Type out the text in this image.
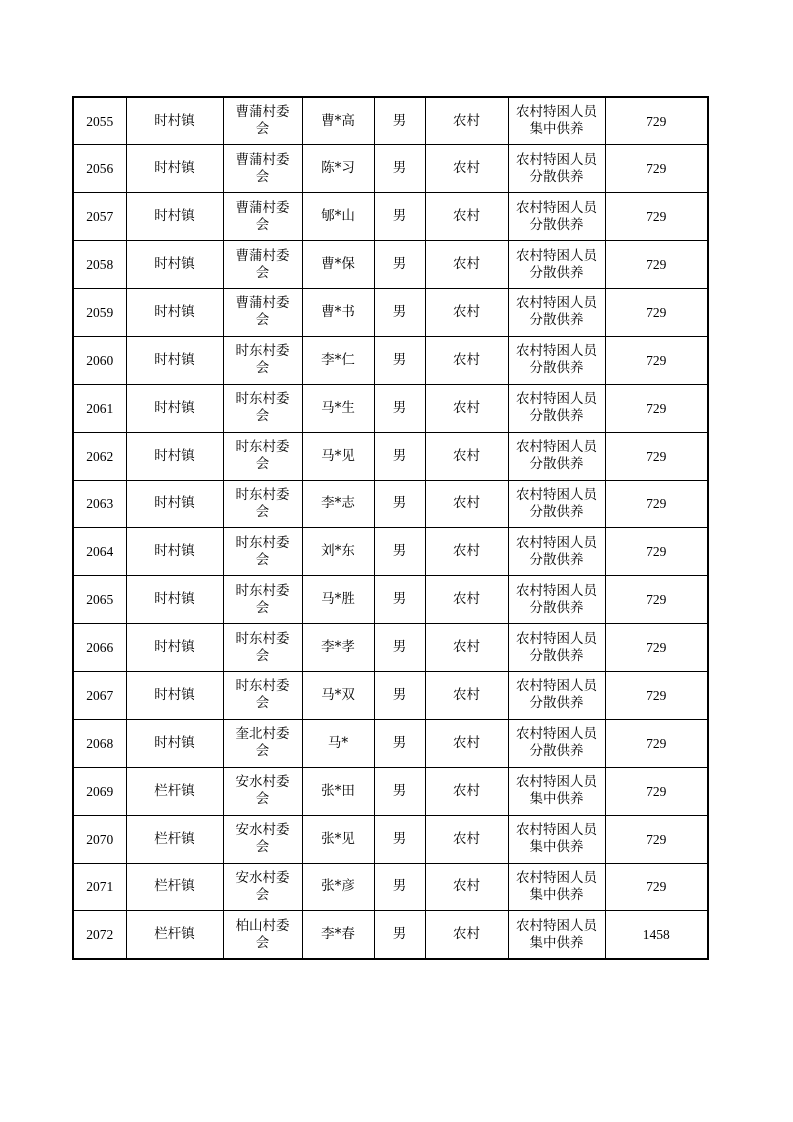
2055	时村镇	曹蒲村委会	曹*高	男	农村	农村特困人员集中供养	729
2056	时村镇	曹蒲村委会	陈*习	男	农村	农村特困人员分散供养	729
2057	时村镇	曹蒲村委会	郇*山	男	农村	农村特困人员分散供养	729
2058	时村镇	曹蒲村委会	曹*保	男	农村	农村特困人员分散供养	729
2059	时村镇	曹蒲村委会	曹*书	男	农村	农村特困人员分散供养	729
2060	时村镇	时东村委会	李*仁	男	农村	农村特困人员分散供养	729
2061	时村镇	时东村委会	马*生	男	农村	农村特困人员分散供养	729
2062	时村镇	时东村委会	马*见	男	农村	农村特困人员分散供养	729
2063	时村镇	时东村委会	李*志	男	农村	农村特困人员分散供养	729
2064	时村镇	时东村委会	刘*东	男	农村	农村特困人员分散供养	729
2065	时村镇	时东村委会	马*胜	男	农村	农村特困人员分散供养	729
2066	时村镇	时东村委会	李*孝	男	农村	农村特困人员分散供养	729
2067	时村镇	时东村委会	马*双	男	农村	农村特困人员分散供养	729
2068	时村镇	奎北村委会	马*	男	农村	农村特困人员分散供养	729
2069	栏杆镇	安水村委会	张*田	男	农村	农村特困人员集中供养	729
2070	栏杆镇	安水村委会	张*见	男	农村	农村特困人员集中供养	729
2071	栏杆镇	安水村委会	张*彦	男	农村	农村特困人员集中供养	729
2072	栏杆镇	柏山村委会	李*春	男	农村	农村特困人员集中供养	1458
